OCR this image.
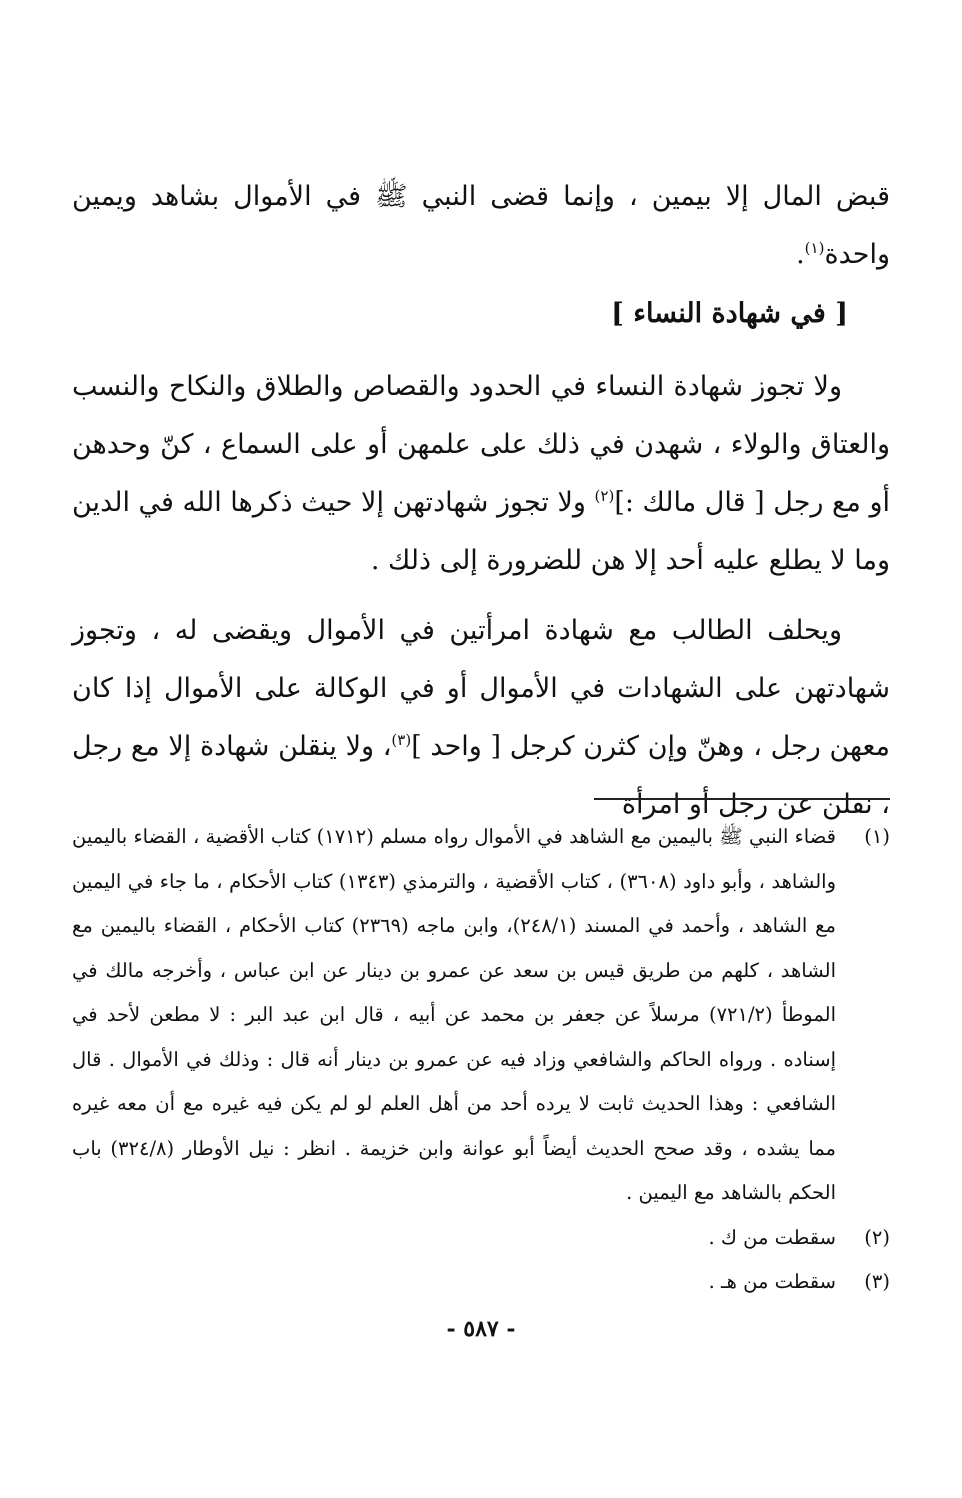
قبض المال إلا بيمين ، وإنما قضى النبي ﷺ في الأموال بشاهد ويمين واحدة$^{(١)}$.

[ في شهادة النساء ]

ولا تجوز شهادة النساء في الحدود والقصاص والطلاق والنكاح والنسب والعتاق والولاء ، شهدن في ذلك على علمهن أو على السماع ، كنّ وحدهن أو مع رجل [ قال مالك :]$^{(٢)}$ ولا تجوز شهادتهن إلا حيث ذكرها الله في الدين وما لا يطلع عليه أحد إلا هن للضرورة إلى ذلك .

ويحلف الطالب مع شهادة امرأتين في الأموال ويقضى له ، وتجوز شهادتهن على الشهادات في الأموال أو في الوكالة على الأموال إذا كان معهن رجل ، وهنّ وإن كثرن كرجل [ واحد ]$^{(٣)}$، ولا ينقلن شهادة إلا مع رجل ، نقلن عن رجل أو امرأة

(١)
قضاء النبي ﷺ باليمين مع الشاهد في الأموال رواه مسلم (١٧١٢) كتاب الأقضية ، القضاء باليمين والشاهد ، وأبو داود (٣٦٠٨) ، كتاب الأقضية ، والترمذي (١٣٤٣) كتاب الأحكام ، ما جاء في اليمين مع الشاهد ، وأحمد في المسند (٢٤٨/١)، وابن ماجه (٢٣٦٩) كتاب الأحكام ، القضاء باليمين مع الشاهد ، كلهم من طريق قيس بن سعد عن عمرو بن دينار عن ابن عباس ، وأخرجه مالك في الموطأ (٧٢١/٢) مرسلاً عن جعفر بن محمد عن أبيه ، قال ابن عبد البر : لا مطعن لأحد في إسناده . ورواه الحاكم والشافعي وزاد فيه عن عمرو بن دينار أنه قال : وذلك في الأموال . قال الشافعي : وهذا الحديث ثابت لا يرده أحد من أهل العلم لو لم يكن فيه غيره مع أن معه غيره مما يشده ، وقد صحح الحديث أيضاً أبو عوانة وابن خزيمة . انظر : نيل الأوطار (٣٢٤/٨) باب الحكم بالشاهد مع اليمين .
(٢)
سقطت من ك .
(٣)
سقطت من هـ .
- ٥٨٧ -
